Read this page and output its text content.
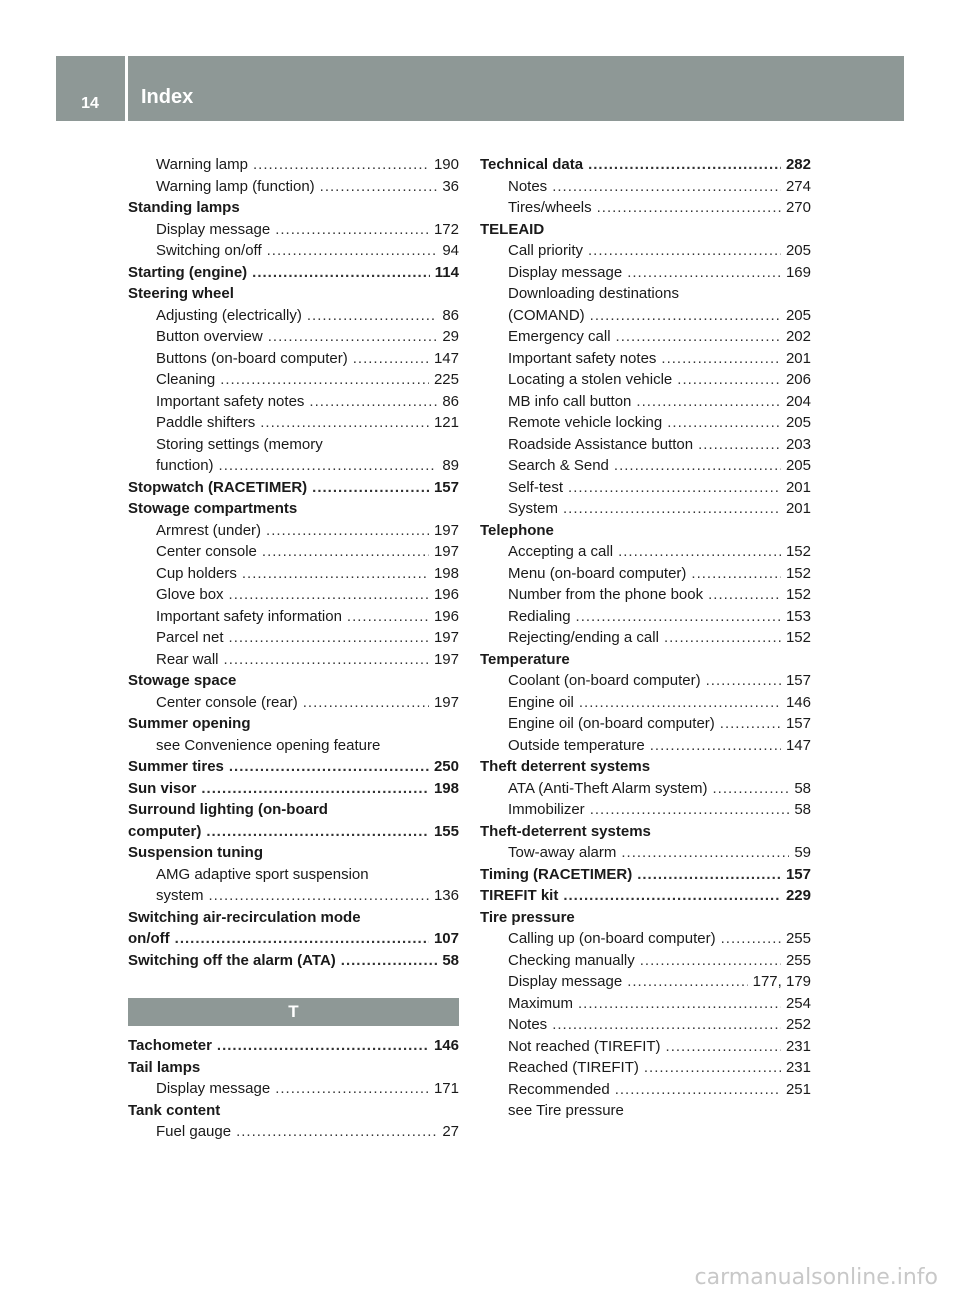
14	Index
Warning lamp .....	190
Warning lamp (function) .....	36
Standing lamps
Display message .....	172
Switching on/off .....	94
Starting (engine) .....	114
Steering wheel
Adjusting (electrically) .....	86
Button overview .....	29
Buttons (on-board computer) .....	147
Cleaning .....	225
Important safety notes .....	86
Paddle shifters .....	121
Storing settings (memory
function) .....	89
Stopwatch (RACETIMER) .....	157
Stowage compartments
Armrest (under) .....	197
Center console .....	197
Cup holders .....	198
Glove box .....	196
Important safety information .....	196
Parcel net .....	197
Rear wall .....	197
Stowage space
Center console (rear) .....	197
Summer opening
see Convenience opening feature
Summer tires .....	250
Sun visor .....	198
Surround lighting (on-board
computer) .....	155
Suspension tuning
AMG adaptive sport suspension
system .....	136
Switching air-recirculation mode
on/off .....	107
Switching off the alarm (ATA) .....	58
T
Tachometer .....	146
Tail lamps
Display message .....	171
Tank content
Fuel gauge .....	27
Technical data .....	282
Notes .....	274
Tires/wheels .....	270
TELEAID
Call priority .....	205
Display message .....	169
Downloading destinations
(COMAND) .....	205
Emergency call .....	202
Important safety notes .....	201
Locating a stolen vehicle .....	206
MB info call button .....	204
Remote vehicle locking .....	205
Roadside Assistance button .....	203
Search & Send .....	205
Self-test .....	201
System .....	201
Telephone
Accepting a call .....	152
Menu (on-board computer) .....	152
Number from the phone book .....	152
Redialing .....	153
Rejecting/ending a call .....	152
Temperature
Coolant (on-board computer) .....	157
Engine oil .....	146
Engine oil (on-board computer) .....	157
Outside temperature .....	147
Theft deterrent systems
ATA (Anti-Theft Alarm system) .....	58
Immobilizer .....	58
Theft-deterrent systems
Tow-away alarm .....	59
Timing (RACETIMER) .....	157
TIREFIT kit .....	229
Tire pressure
Calling up (on-board computer) .....	255
Checking manually .....	255
Display message .....	177, 179
Maximum .....	254
Notes .....	252
Not reached (TIREFIT) .....	231
Reached (TIREFIT) .....	231
Recommended .....	251
see Tire pressure
carmanualsonline.info
